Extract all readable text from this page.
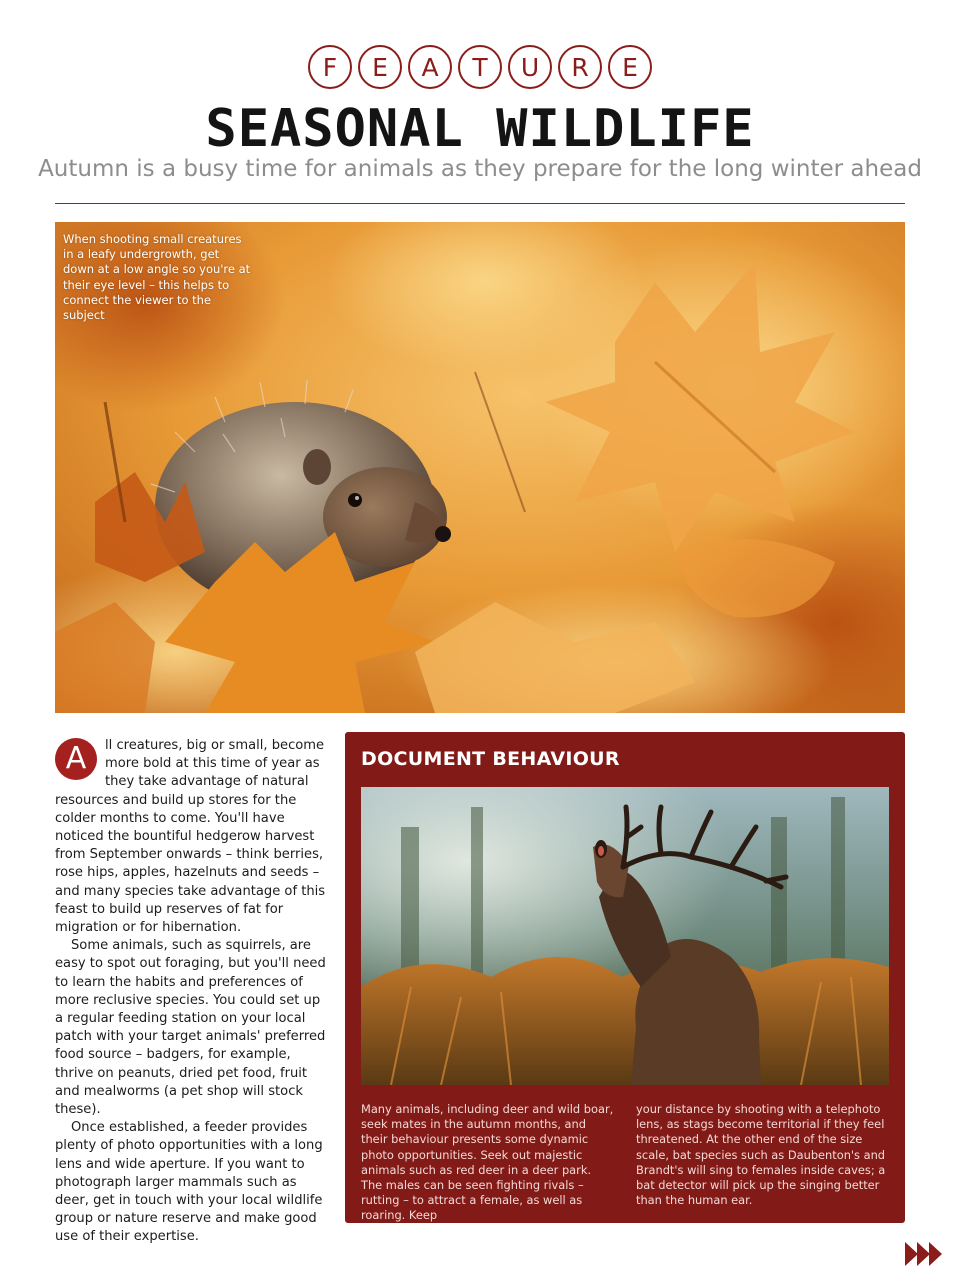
F	E	A	T	U	R	E
SEASONAL WILDLIFE
Autumn is a busy time for animals as they prepare for the long winter ahead
When shooting small creatures in a leafy undergrowth, get down at a low angle so you're at their eye level – this helps to connect the viewer to the subject

A	ll creatures, big or small, become more bold at this time of year as they take advantage of natural resources and build up stores for the colder months to come. You'll have noticed the bountiful hedgerow harvest from September onwards – think berries, rose hips, apples, hazelnuts and seeds – and many species take advantage of this feast to build up reserves of fat for migration or for hibernation.

Some animals, such as squirrels, are easy to spot out foraging, but you'll need to learn the habits and preferences of more reclusive species. You could set up a regular feeding station on your local patch with your target animals' preferred food source – badgers, for example, thrive on peanuts, dried pet food, fruit and mealworms (a pet shop will stock these).

Once established, a feeder provides plenty of photo opportunities with a long lens and wide aperture. If you want to photograph larger mammals such as deer, get in touch with your local wildlife group or nature reserve and make good use of their expertise.

DOCUMENT BEHAVIOUR

Many animals, including deer and wild boar, seek mates in the autumn months, and their behaviour presents some dynamic photo opportunities. Seek out majestic animals such as red deer in a deer park. The males can be seen fighting rivals – rutting – to attract a female, as well as roaring. Keep

your distance by shooting with a telephoto lens, as stags become territorial if they feel threatened. At the other end of the size scale, bat species such as Daubenton's and Brandt's will sing to females inside caves; a bat detector will pick up the singing better than the human ear.
